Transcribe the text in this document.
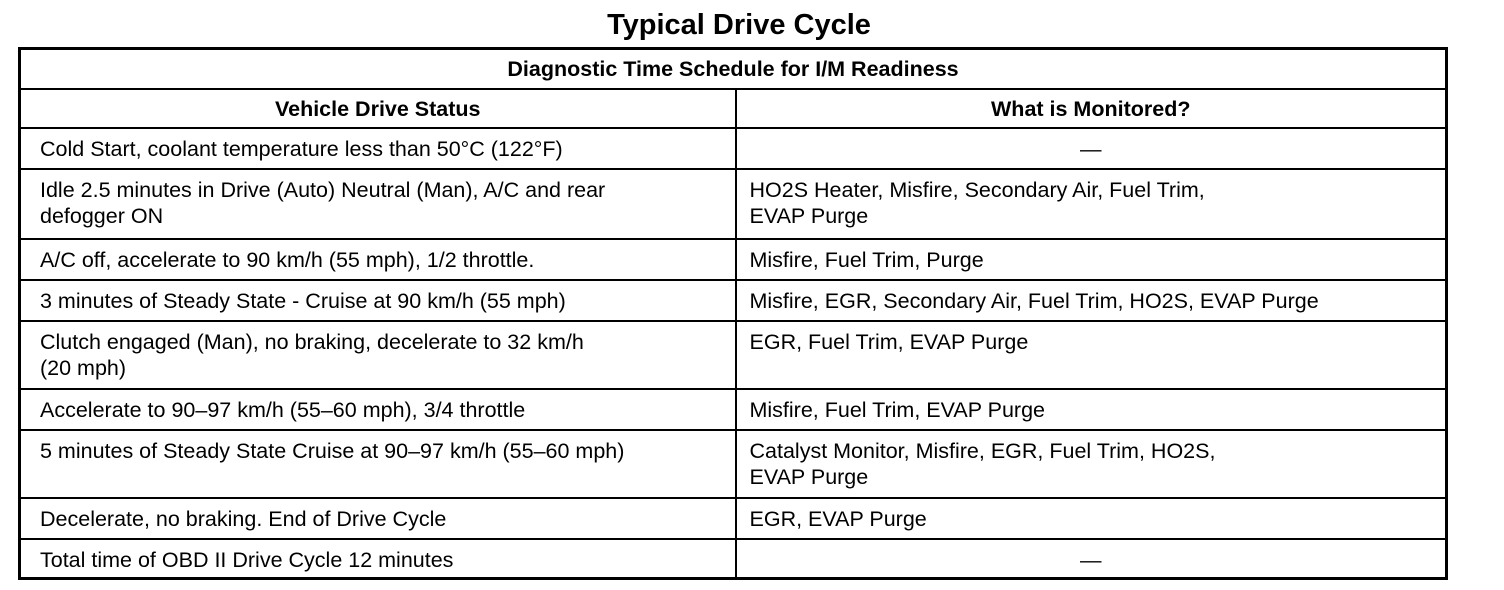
Typical Drive Cycle
Diagnostic Time Schedule for I/M Readiness	
Vehicle Drive Status	What is Monitored?

Cold Start, coolant temperature less than 50°C (122°F)	—

Idle 2.5 minutes in Drive (Auto) Neutral (Man), A/C and rear
defogger ON	HO2S Heater, Misfire, Secondary Air, Fuel Trim,
EVAP Purge

A/C off, accelerate to 90 km/h (55 mph), 1/2 throttle.	Misfire, Fuel Trim, Purge

3 minutes of Steady State - Cruise at 90 km/h (55 mph)	Misfire, EGR, Secondary Air, Fuel Trim, HO2S, EVAP Purge

Clutch engaged (Man), no braking, decelerate to 32 km/h
(20 mph)	EGR, Fuel Trim, EVAP Purge

Accelerate to 90–97 km/h (55–60 mph), 3/4 throttle	Misfire, Fuel Trim, EVAP Purge

5 minutes of Steady State Cruise at 90–97 km/h (55–60 mph)	Catalyst Monitor, Misfire, EGR, Fuel Trim, HO2S,
EVAP Purge

Decelerate, no braking. End of Drive Cycle	EGR, EVAP Purge

Total time of OBD II Drive Cycle 12 minutes	—
